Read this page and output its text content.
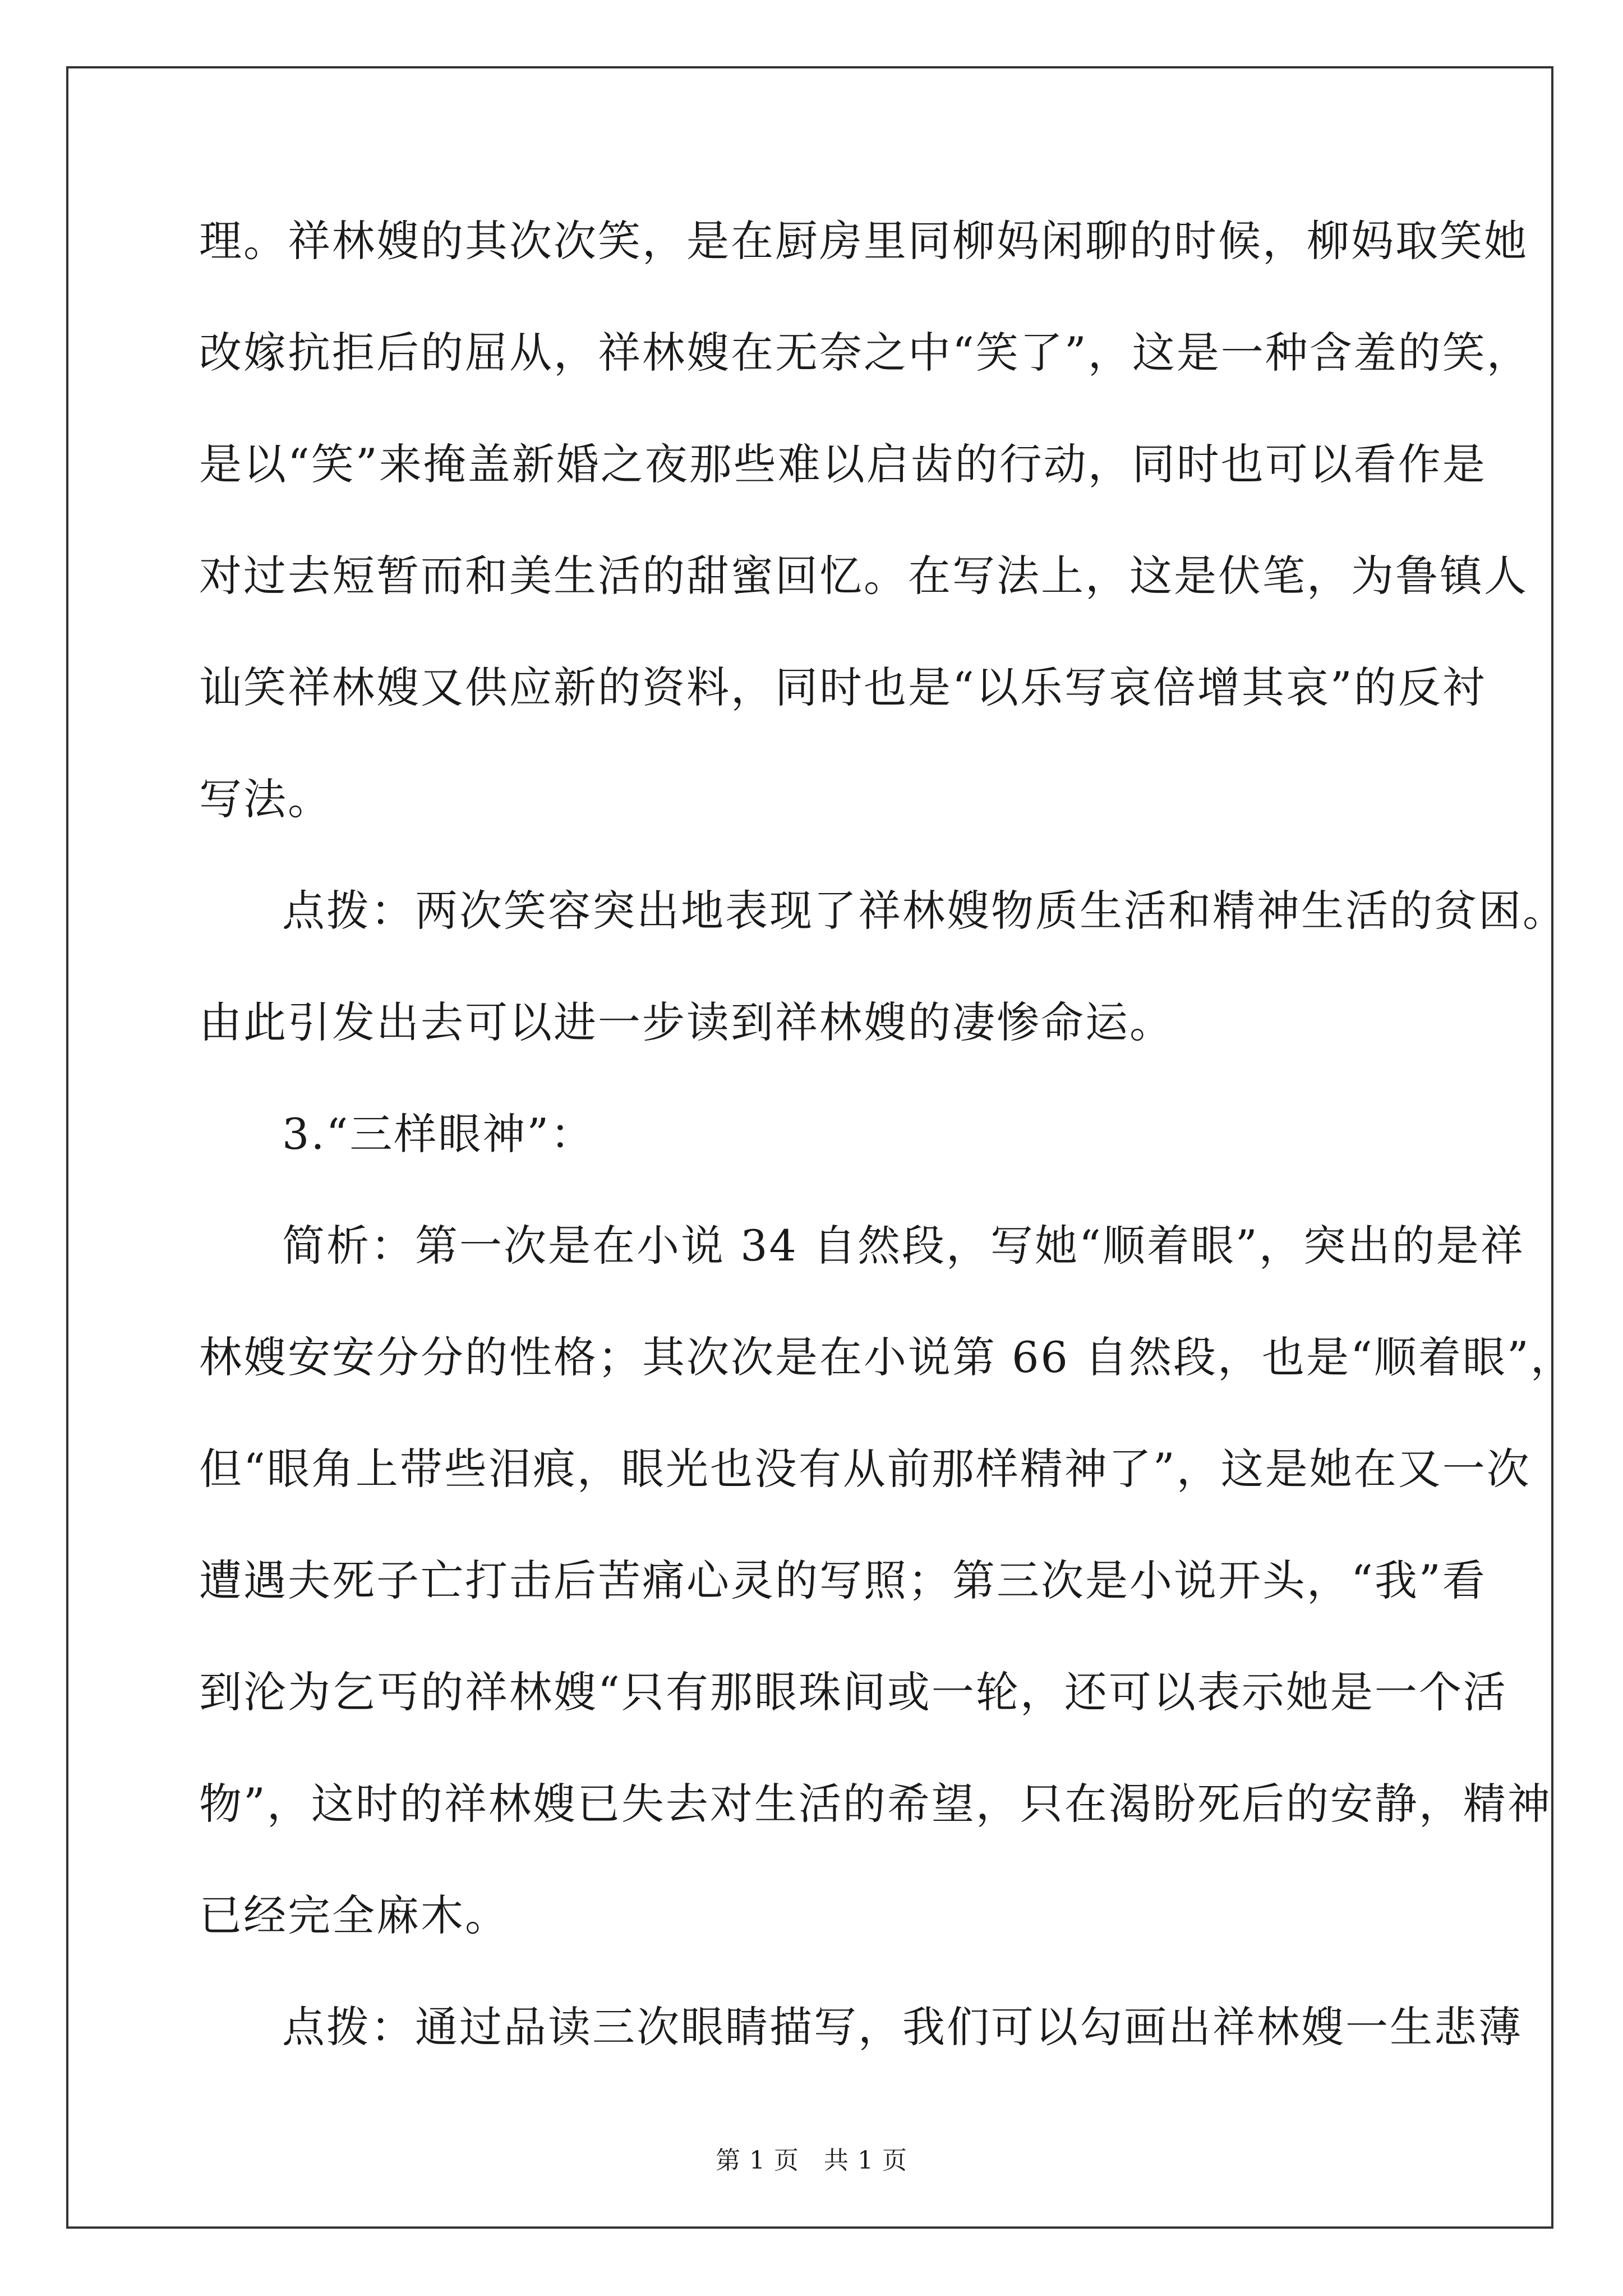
理。祥林嫂的其次次笑，是在厨房里同柳妈闲聊的时候，柳妈取笑她
改嫁抗拒后的屈从，祥林嫂在无奈之中“笑了”，这是一种含羞的笑，
是以“笑”来掩盖新婚之夜那些难以启齿的行动，同时也可以看作是
对过去短暂而和美生活的甜蜜回忆。在写法上，这是伏笔，为鲁镇人
讪笑祥林嫂又供应新的资料，同时也是“以乐写哀倍增其哀”的反衬
写法。
点拨：两次笑容突出地表现了祥林嫂物质生活和精神生活的贫困。
由此引发出去可以进一步读到祥林嫂的凄惨命运。
3.“三样眼神”：
简析：第一次是在小说 34 自然段，写她“顺着眼”，突出的是祥
林嫂安安分分的性格；其次次是在小说第 66 自然段，也是“顺着眼”，
但“眼角上带些泪痕，眼光也没有从前那样精神了”，这是她在又一次
遭遇夫死子亡打击后苦痛心灵的写照；第三次是小说开头，“我”看
到沦为乞丐的祥林嫂“只有那眼珠间或一轮，还可以表示她是一个活
物”，这时的祥林嫂已失去对生活的希望，只在渴盼死后的安静，精神
已经完全麻木。
点拨：通过品读三次眼睛描写，我们可以勾画出祥林嫂一生悲薄
第 1 页 共 1 页
